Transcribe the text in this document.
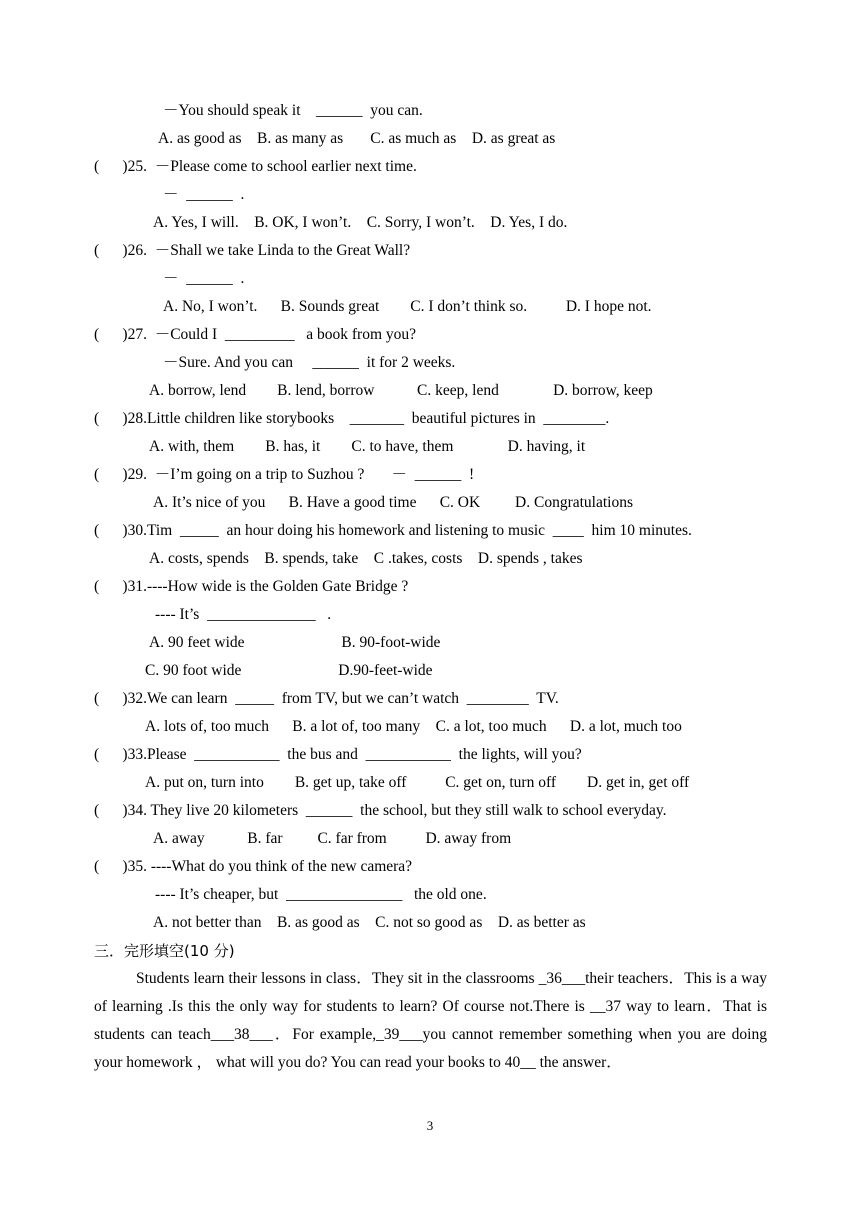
－You should speak it    ______  you can.
A. as good as    B. as many as       C. as much as    D. as great as
(      )25.  －Please come to school earlier next time.
－  ______  .
A. Yes, I will.    B. OK, I won’t.    C. Sorry, I won’t.    D. Yes, I do.
(      )26.  －Shall we take Linda to the Great Wall?
－  ______  .
A. No, I won’t.      B. Sounds great        C. I don’t think so.          D. I hope not.
(      )27.  －Could I  _________   a book from you?
－Sure. And you can     ______  it for 2 weeks.
A. borrow, lend        B. lend, borrow           C. keep, lend              D. borrow, keep
(      )28.Little children like storybooks    _______  beautiful pictures in  ________.
A. with, them        B. has, it        C. to have, them              D. having, it
(      )29.  －I’m going on a trip to Suzhou ?       －  ______  !
A. It’s nice of you      B. Have a good time      C. OK         D. Congratulations
(      )30.Tim  _____  an hour doing his homework and listening to music  ____  him 10 minutes.
A. costs, spends    B. spends, take    C .takes, costs    D. spends , takes
(      )31.----How wide is the Golden Gate Bridge ?
---- It’s  ______________   .
A. 90 feet wide                         B. 90-foot-wide
C. 90 foot wide                         D.90-feet-wide
(      )32.We can learn  _____  from TV, but we can’t watch  ________  TV.
A. lots of, too much      B. a lot of, too many    C. a lot, too much      D. a lot, much too
(      )33.Please  ___________  the bus and  ___________  the lights, will you?
A. put on, turn into        B. get up, take off          C. get on, turn off        D. get in, get off
(      )34. They live 20 kilometers  ______  the school, but they still walk to school everyday.
A. away           B. far         C. far from          D. away from
(      )35. ----What do you think of the new camera?
---- It’s cheaper, but  _______________   the old one.
A. not better than    B. as good as    C. not so good as    D. as better as
三．完形填空(10 分)
Students learn their lessons in class．They sit in the classrooms _36___their teachers．This is a way of learning .Is this the only way for students to learn? Of course not.There is __37 way to learn．That is students can teach___38___．For example,_39___you cannot remember something when you are doing your homework ， what will you do? You can read your books to 40__ the answer．
3
